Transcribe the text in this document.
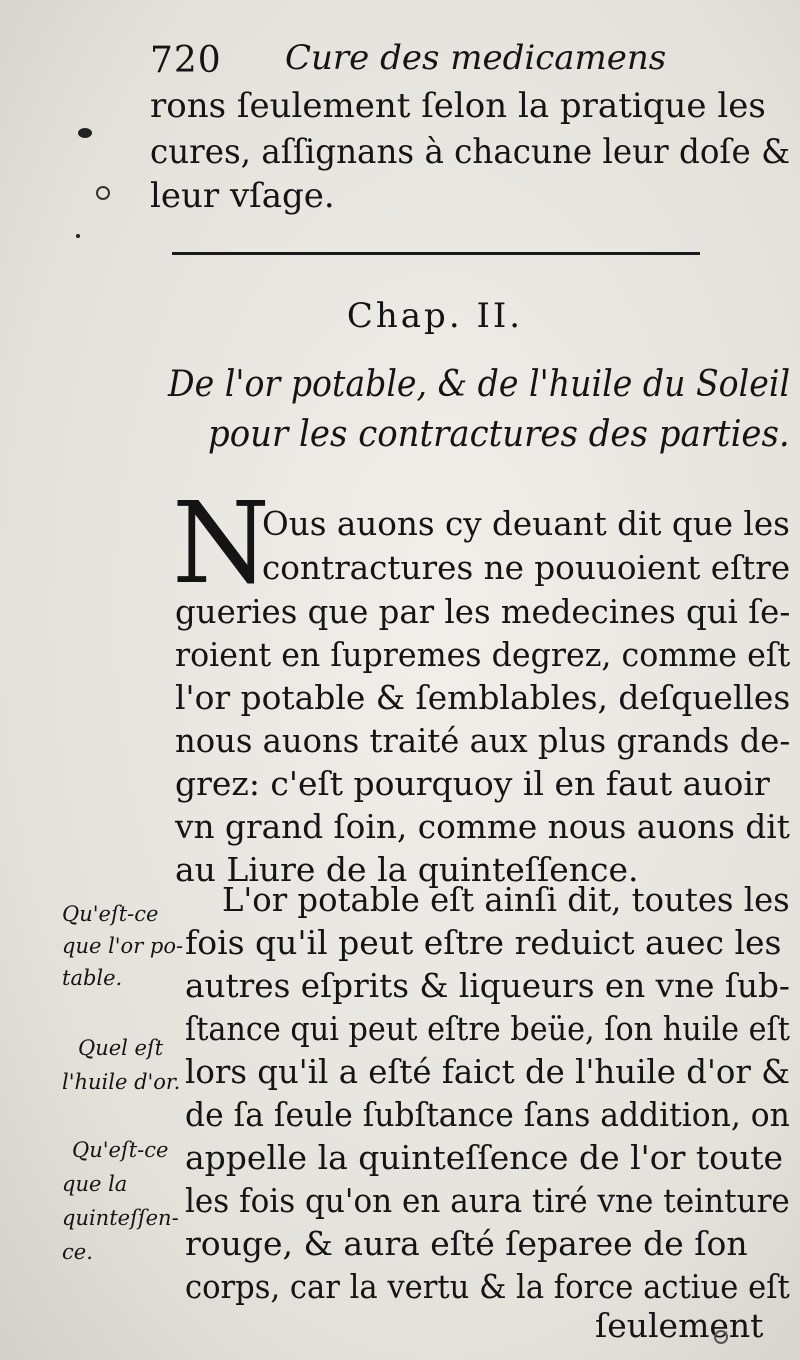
720 Cure des medicamens
rons ſeulement ſelon la pratique les
cures, aſſignans à chacune leur doſe &
leur vſage.
Chap. II.
De l'or potable, & de l'huile du Soleil
pour les contractures des parties.
N
Ous auons cy deuant dit que les
contractures ne pouuoient eſtre
gueries que par les medecines qui ſe-
roient en ſupremes degrez, comme eſt
l'or potable & ſemblables, deſquelles
nous auons traité aux plus grands de-
grez: c'eſt pourquoy il en faut auoir
vn grand ſoin, comme nous auons dit
au Liure de la quinteſſence.
L'or potable eſt ainſi dit, toutes les
fois qu'il peut eſtre reduict auec les
autres eſprits & liqueurs en vne ſub-
ſtance qui peut eſtre beüe, ſon huile eſt
lors qu'il a eſté faict de l'huile d'or &
de ſa ſeule ſubſtance ſans addition, on
appelle la quinteſſence de l'or toute
les fois qu'on en aura tiré vne teinture
rouge, & aura eſté ſeparee de ſon
corps, car la vertu & la force actiue eſt
ſeulement
Qu'eſt-ce
que l'or po-
table.
Quel eſt
l'huile d'or.
Qu'eſt-ce
que la
quinteſſen-
ce.
